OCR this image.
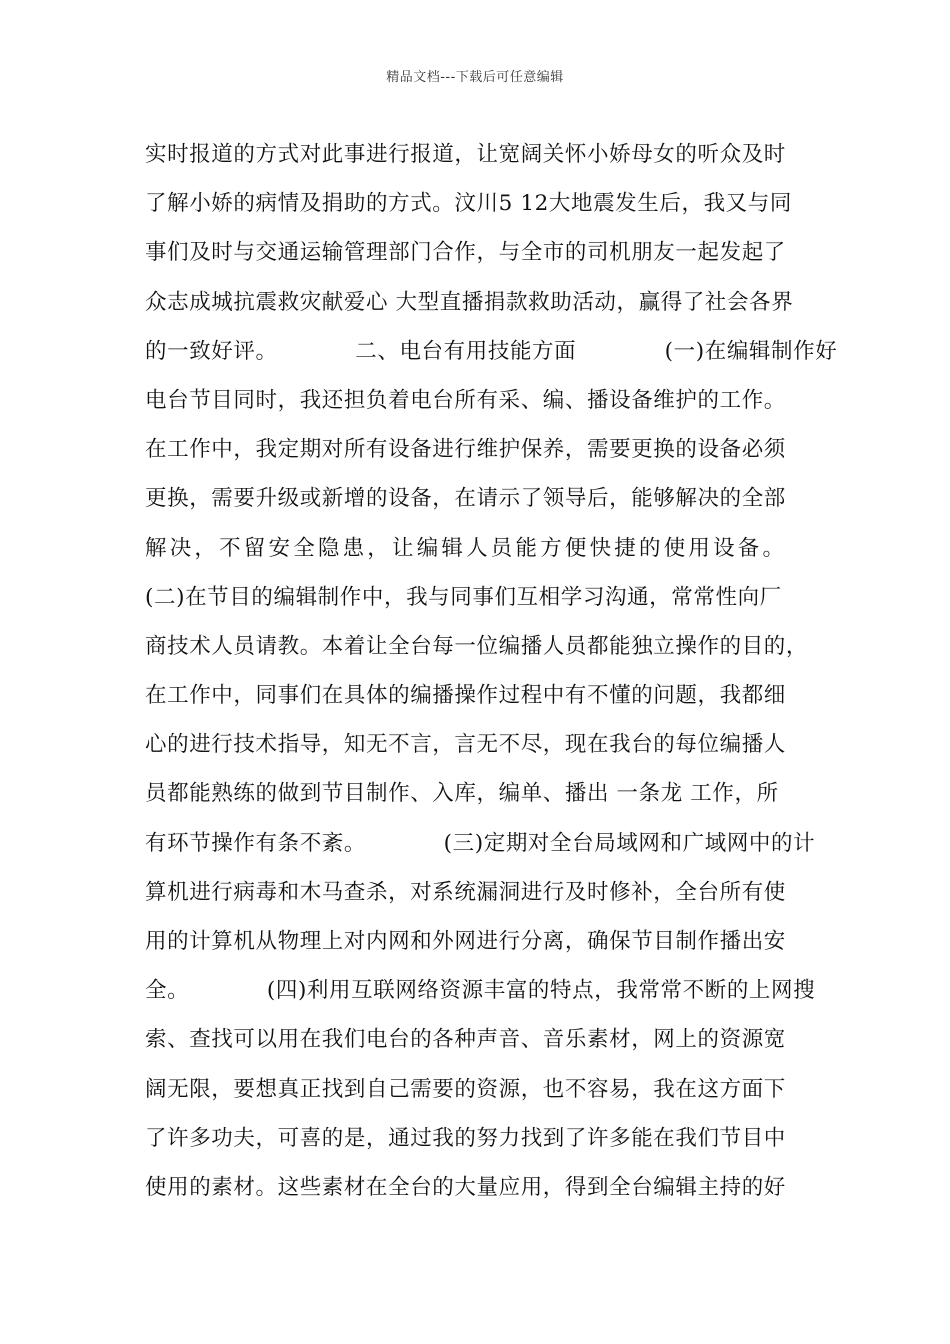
精品文档---下载后可任意编辑
实时报道的方式对此事进行报道，让宽阔关怀小娇母女的听众及时
了解小娇的病情及捐助的方式。汶川5 12大地震发生后，我又与同
事们及时与交通运输管理部门合作，与全市的司机朋友一起发起了
众志成城抗震救灾献爱心 大型直播捐款救助活动，赢得了社会各界
的一致好评。　　　　二、电台有用技能方面　　　　(一)在编辑制作好
电台节目同时，我还担负着电台所有采、编、播设备维护的工作。
在工作中，我定期对所有设备进行维护保养，需要更换的设备必须
更换，需要升级或新增的设备，在请示了领导后，能够解决的全部
解决，不留安全隐患，让编辑人员能方便快捷的使用设备。
(二)在节目的编辑制作中，我与同事们互相学习沟通，常常性向厂
商技术人员请教。本着让全台每一位编播人员都能独立操作的目的，
在工作中，同事们在具体的编播操作过程中有不懂的问题，我都细
心的进行技术指导，知无不言，言无不尽，现在我台的每位编播人
员都能熟练的做到节目制作、入库，编单、播出 一条龙 工作，所
有环节操作有条不紊。　　　　(三)定期对全台局域网和广域网中的计
算机进行病毒和木马查杀，对系统漏洞进行及时修补，全台所有使
用的计算机从物理上对内网和外网进行分离，确保节目制作播出安
全。　　　　(四)利用互联网络资源丰富的特点，我常常不断的上网搜
索、查找可以用在我们电台的各种声音、音乐素材，网上的资源宽
阔无限，要想真正找到自己需要的资源，也不容易，我在这方面下
了许多功夫，可喜的是，通过我的努力找到了许多能在我们节目中
使用的素材。这些素材在全台的大量应用，得到全台编辑主持的好
